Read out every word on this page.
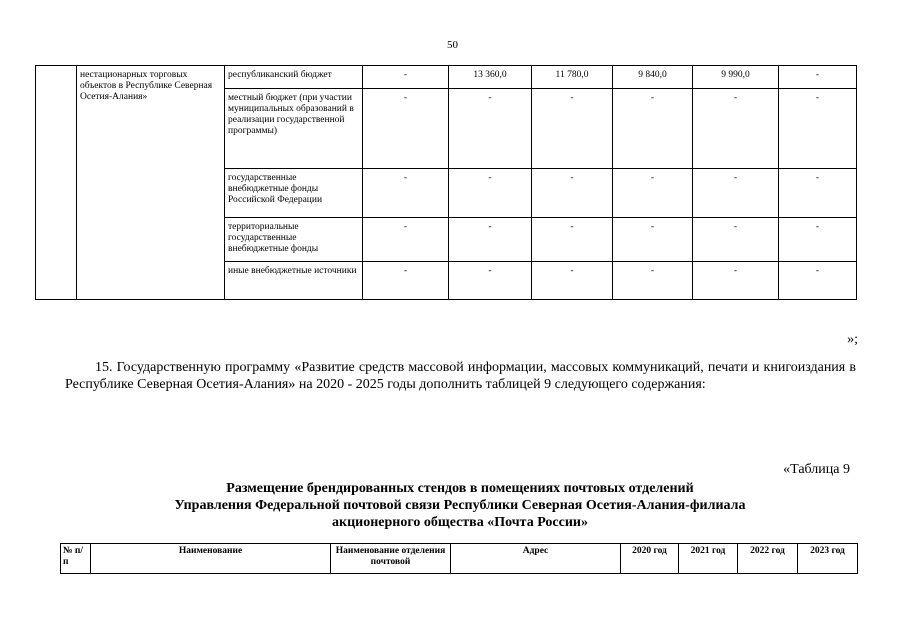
50
	нестационарных торговых объектов в Республике Северная Осетия-Алания»	республиканский бюджет	-	13 360,0	11 780,0	9 840,0	9 990,0	-
		местный бюджет (при участии муниципальных образований в реализации государственной программы)	-	-	-	-	-	-
		государственные внебюджетные фонды Российской Федерации	-	-	-	-	-	-
		территориальные государственные внебюджетные фонды	-	-	-	-	-	-
		иные внебюджетные источники	-	-	-	-	-	-
»;
15. Государственную программу «Развитие средств массовой информации, массовых коммуникаций, печати и книгоиздания в Республике Северная Осетия-Алания» на 2020 - 2025 годы дополнить таблицей 9 следующего содержания:
«Таблица 9
Размещение брендированных стендов в помещениях почтовых отделений
Управления Федеральной почтовой связи Республики Северная Осетия-Алания-филиала
акционерного общества «Почта России»
№ п/п	Наименование	Наименование отделения почтовой	Адрес	2020 год	2021 год	2022 год	2023 год
